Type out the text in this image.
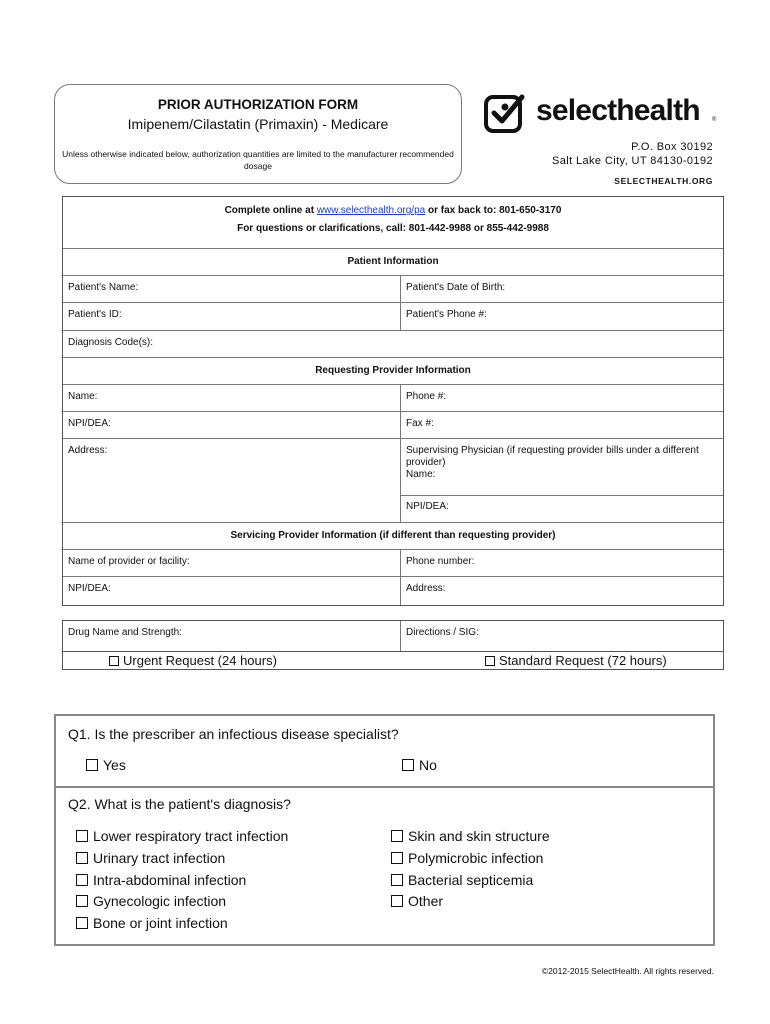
PRIOR AUTHORIZATION FORM
Imipenem/Cilastatin (Primaxin) - Medicare
Unless otherwise indicated below, authorization quantities are limited to the manufacturer recommended dosage
selecthealth ®
P.O. Box 30192
Salt Lake City, UT 84130-0192
SELECTHEALTH.ORG
Complete online at www.selecthealth.org/pa or fax back to: 801-650-3170
For questions or clarifications, call: 801-442-9988 or 855-442-9988
Patient Information
Patient's Name:	Patient's Date of Birth:
Patient's ID:	Patient's Phone #:
Diagnosis Code(s):
Requesting Provider Information
Name:	Phone #:
NPI/DEA:	Fax #:
Address:	Supervising Physician (if requesting provider bills under a different provider)
Name:
NPI/DEA:
Servicing Provider Information (if different than requesting provider)
Name of provider or facility:	Phone number:
NPI/DEA:	Address:
Drug Name and Strength:	Directions / SIG:
Urgent Request (24 hours)	Standard Request (72 hours)
Q1. Is the prescriber an infectious disease specialist?
Yes	No
Q2. What is the patient's diagnosis?
Lower respiratory tract infection
Urinary tract infection
Intra-abdominal infection
Gynecologic infection
Bone or joint infection
Skin and skin structure
Polymicrobic infection
Bacterial septicemia
Other
©2012-2015 SelectHealth. All rights reserved.
